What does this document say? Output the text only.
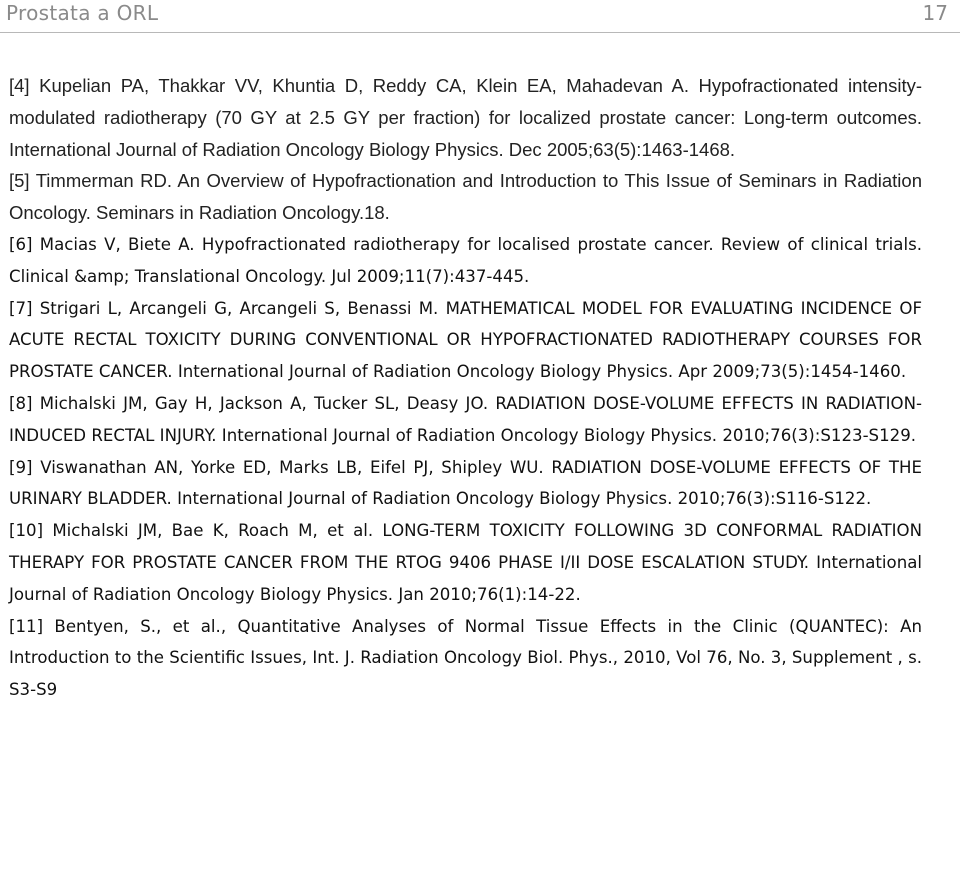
Prostata a ORL	17

[4] Kupelian PA, Thakkar VV, Khuntia D, Reddy CA, Klein EA, Mahadevan A. Hypofractionated intensity-modulated radiotherapy (70 GY at 2.5 GY per fraction) for localized prostate cancer: Long-term outcomes. International Journal of Radiation Oncology Biology Physics. Dec 2005;63(5):1463-1468.

[5] Timmerman RD. An Overview of Hypofractionation and Introduction to This Issue of Seminars in Radiation Oncology. Seminars in Radiation Oncology.18.

[6] Macias V, Biete A. Hypofractionated radiotherapy for localised prostate cancer. Review of clinical trials. Clinical &amp; Translational Oncology. Jul 2009;11(7):437-445.

[7] Strigari L, Arcangeli G, Arcangeli S, Benassi M. MATHEMATICAL MODEL FOR EVALUATING INCIDENCE OF ACUTE RECTAL TOXICITY DURING CONVENTIONAL OR HYPOFRACTIONATED RADIOTHERAPY COURSES FOR PROSTATE CANCER. International Journal of Radiation Oncology Biology Physics. Apr 2009;73(5):1454-1460.

[8] Michalski JM, Gay H, Jackson A, Tucker SL, Deasy JO. RADIATION DOSE-VOLUME EFFECTS IN RADIATION-INDUCED RECTAL INJURY. International Journal of Radiation Oncology Biology Physics. 2010;76(3):S123-S129.

[9] Viswanathan AN, Yorke ED, Marks LB, Eifel PJ, Shipley WU. RADIATION DOSE-VOLUME EFFECTS OF THE URINARY BLADDER. International Journal of Radiation Oncology Biology Physics. 2010;76(3):S116-S122.

[10] Michalski JM, Bae K, Roach M, et al. LONG-TERM TOXICITY FOLLOWING 3D CONFORMAL RADIATION THERAPY FOR PROSTATE CANCER FROM THE RTOG 9406 PHASE I/II DOSE ESCALATION STUDY. International Journal of Radiation Oncology Biology Physics. Jan 2010;76(1):14-22.

[11] Bentyen, S., et al., Quantitative Analyses of Normal Tissue Effects in the Clinic (QUANTEC): An Introduction to the Scientific Issues, Int. J. Radiation Oncology Biol. Phys., 2010, Vol 76, No. 3, Supplement , s. S3-S9
